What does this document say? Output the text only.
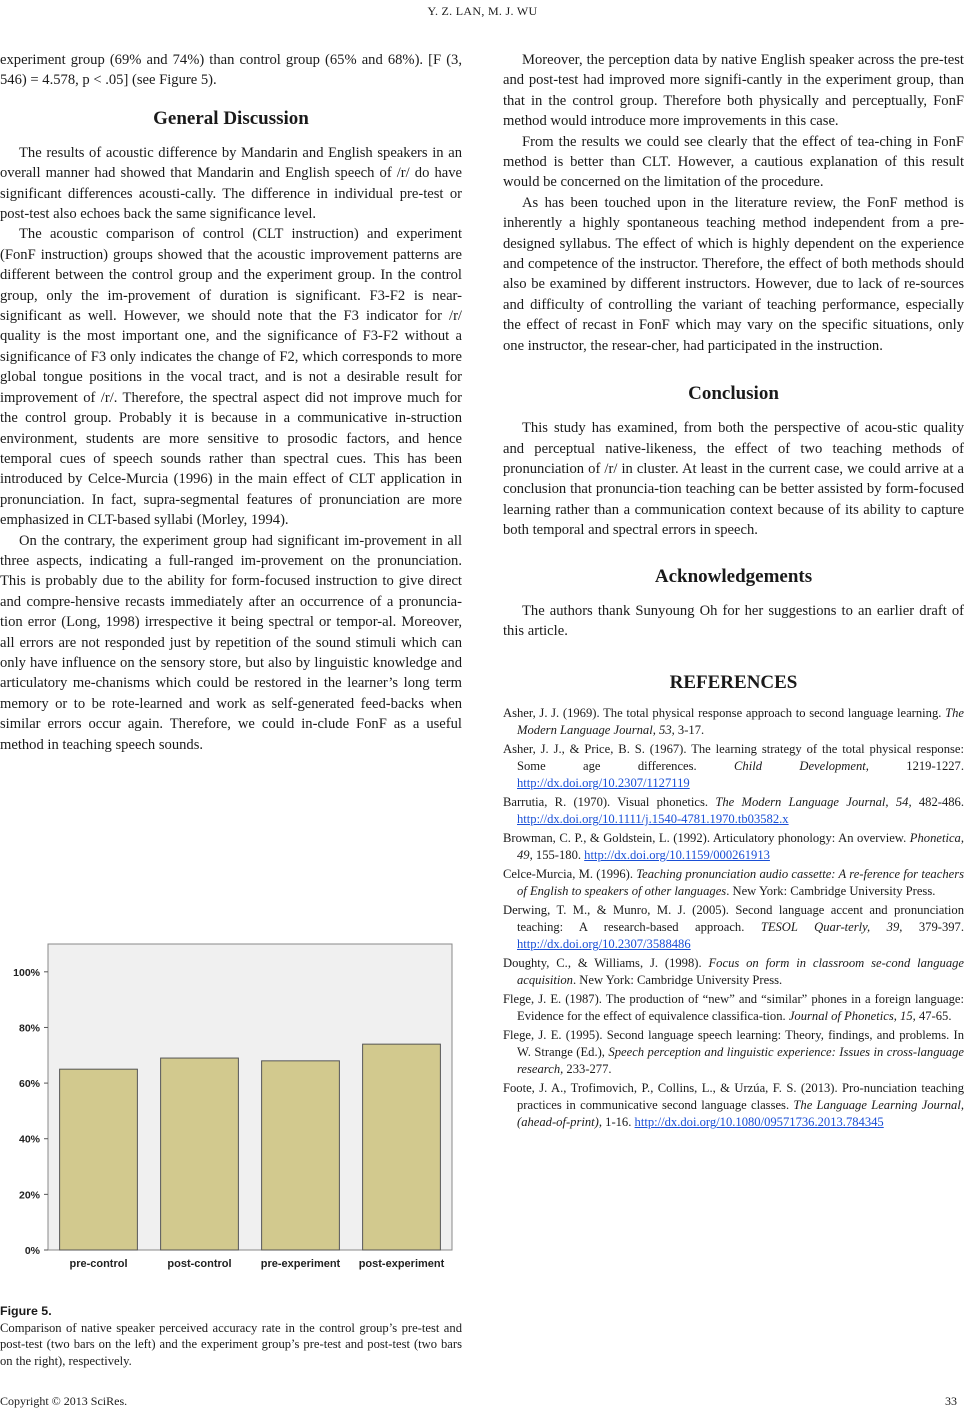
Y. Z. LAN, M. J. WU

experiment group (69% and 74%) than control group (65% and 68%). [F (3, 546) = 4.578, p < .05] (see Figure 5).

General Discussion

The results of acoustic difference by Mandarin and English speakers in an overall manner had showed that Mandarin and English speech of /r/ do have significant differences acousti-cally. The difference in individual pre-test or post-test also echoes back the same significance level.

The acoustic comparison of control (CLT instruction) and experiment (FonF instruction) groups showed that the acoustic improvement patterns are different between the control group and the experiment group. In the control group, only the im-provement of duration is significant. F3-F2 is near-significant as well. However, we should note that the F3 indicator for /r/ quality is the most important one, and the significance of F3-F2 without a significance of F3 only indicates the change of F2, which corresponds to more global tongue positions in the vocal tract, and is not a desirable result for improvement of /r/. Therefore, the spectral aspect did not improve much for the control group. Probably it is because in a communicative in-struction environment, students are more sensitive to prosodic factors, and hence temporal cues of speech sounds rather than spectral cues. This has been introduced by Celce-Murcia (1996) in the main effect of CLT application in pronunciation. In fact, supra-segmental features of pronunciation are more emphasized in CLT-based syllabi (Morley, 1994).

On the contrary, the experiment group had significant im-provement in all three aspects, indicating a full-ranged im-provement on the pronunciation. This is probably due to the ability for form-focused instruction to give direct and compre-hensive recasts immediately after an occurrence of a pronuncia-tion error (Long, 1998) irrespective it being spectral or tempor-al. Moreover, all errors are not responded just by repetition of the sound stimuli which can only have influence on the sensory store, but also by linguistic knowledge and articulatory me-chanisms which could be restored in the learner’s long term memory or to be rote-learned and work as self-generated feed-backs when similar errors occur again. Therefore, we could in-clude FonF as a useful method in teaching speech sounds.

0%
20%
40%
60%
80%
100%
pre-control	post-control	pre-experiment post-experiment
Figure 5.
Comparison of native speaker perceived accuracy rate in the control group’s pre-test and post-test (two bars on the left) and the experiment group’s pre-test and post-test (two bars on the right), respectively.

Moreover, the perception data by native English speaker across the pre-test and post-test had improved more signifi-cantly in the experiment group, than that in the control group. Therefore both physically and perceptually, FonF method would introduce more improvements in this case.

From the results we could see clearly that the effect of tea-ching in FonF method is better than CLT. However, a cautious explanation of this result would be concerned on the limitation of the procedure.

As has been touched upon in the literature review, the FonF method is inherently a highly spontaneous teaching method independent from a pre-designed syllabus. The effect of which is highly dependent on the experience and competence of the instructor. Therefore, the effect of both methods should also be examined by different instructors. However, due to lack of re-sources and difficulty of controlling the variant of teaching performance, especially the effect of recast in FonF which may vary on the specific situations, only one instructor, the resear-cher, had participated in the instruction.

Conclusion

This study has examined, from both the perspective of acou-stic quality and perceptual native-likeness, the effect of two teaching methods of pronunciation of /r/ in cluster. At least in the current case, we could arrive at a conclusion that pronuncia-tion teaching can be better assisted by form-focused learning rather than a communication context because of its ability to capture both temporal and spectral errors in speech.

Acknowledgements

The authors thank Sunyoung Oh for her suggestions to an earlier draft of this article.

REFERENCES
Asher, J. J. (1969). The total physical response approach to second language learning. The Modern Language Journal, 53, 3-17.
Asher, J. J., & Price, B. S. (1967). The learning strategy of the total physical response: Some age differences. Child Development, 1219-1227. http://dx.doi.org/10.2307/1127119
Barrutia, R. (1970). Visual phonetics. The Modern Language Journal, 54, 482-486. http://dx.doi.org/10.1111/j.1540-4781.1970.tb03582.x
Browman, C. P., & Goldstein, L. (1992). Articulatory phonology: An overview. Phonetica, 49, 155-180. http://dx.doi.org/10.1159/000261913
Celce-Murcia, M. (1996). Teaching pronunciation audio cassette: A re-ference for teachers of English to speakers of other languages. New York: Cambridge University Press.
Derwing, T. M., & Munro, M. J. (2005). Second language accent and pronunciation teaching: A research-based approach. TESOL Quar-terly, 39, 379-397. http://dx.doi.org/10.2307/3588486
Doughty, C., & Williams, J. (1998). Focus on form in classroom se-cond language acquisition. New York: Cambridge University Press.
Flege, J. E. (1987). The production of “new” and “similar” phones in a foreign language: Evidence for the effect of equivalence classifica-tion. Journal of Phonetics, 15, 47-65.
Flege, J. E. (1995). Second language speech learning: Theory, findings, and problems. In W. Strange (Ed.), Speech perception and linguistic experience: Issues in cross-language research, 233-277.
Foote, J. A., Trofimovich, P., Collins, L., & Urzúa, F. S. (2013). Pro-nunciation teaching practices in communicative second language classes. The Language Learning Journal, (ahead-of-print), 1-16. http://dx.doi.org/10.1080/09571736.2013.784345
Copyright © 2013 SciRes.	33
